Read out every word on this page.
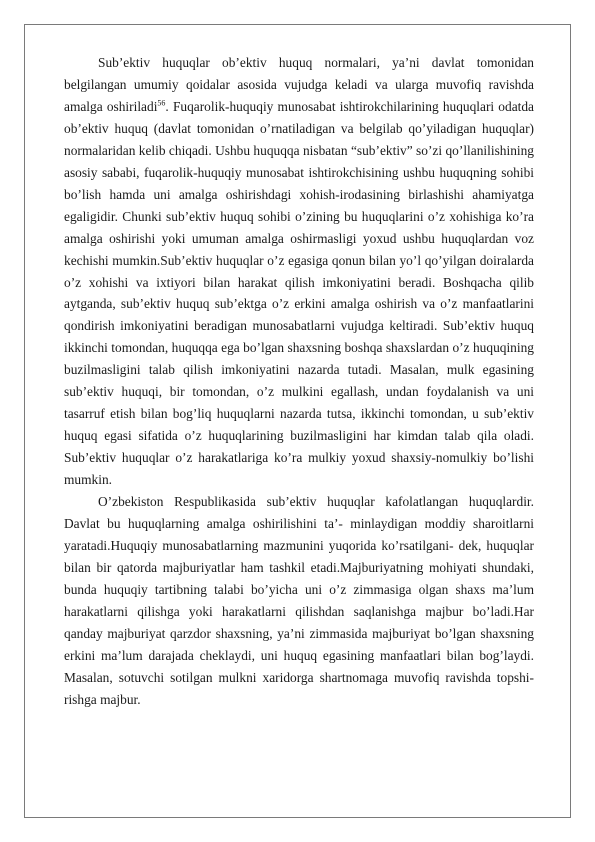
Sub’ektiv huquqlar ob’ektiv huquq normalari, ya’ni davlat tomonidan belgilangan umumiy qoidalar asosida vujudga keladi va ularga muvofiq ravishda amalga oshiriladi$^{56}$. Fuqarolik-huquqiy munosabat ishtirokchilarining huquqlari odatda ob’ektiv huquq (davlat tomonidan o’rnatiladigan va belgilab qo’yiladigan huquqlar) normalaridan kelib chiqadi. Ushbu huquqqa nisbatan “sub’ektiv” so’zi qo’llanilishining asosiy sababi, fuqarolik-huquqiy munosabat ishtirokchisining ushbu huquqning sohibi bo’lish hamda uni amalga oshirishdagi xohish-irodasining birlashishi ahamiyatga egaligidir. Chunki sub’ektiv huquq sohibi o’zining bu huquqlarini o’z xohishiga ko’ra amalga oshirishi yoki umuman amalga oshirmasligi yoxud ushbu huquqlardan voz kechishi mumkin.Sub’ektiv huquqlar o’z egasiga qonun bilan yo’l qo’yilgan doiralarda o’z xohishi va ixtiyori bilan harakat qilish imkoniyatini beradi. Boshqacha qilib aytganda, sub’ektiv huquq sub’ektga o’z erkini amalga oshirish va o’z manfaatlarini qondirish imkoniyatini beradigan munosabatlarni vujudga keltiradi. Sub’ektiv huquq ikkinchi tomondan, huquqqa ega bo’lgan shaxsning boshqa shaxslardan o’z huquqining buzilmasligini talab qilish imkoniyatini nazarda tutadi. Masalan, mulk egasining sub’ektiv huquqi, bir tomondan, o’z mulkini egallash, undan foydalanish va uni tasarruf etish bilan bog’liq huquqlarni nazarda tutsa, ikkinchi tomondan, u sub’ektiv huquq egasi sifatida o’z huquqlarining buzilmasligini har kimdan talab qila oladi. Sub’ektiv huquqlar o’z harakatlariga ko’ra mulkiy yoxud shaxsiy-nomulkiy bo’lishi mumkin.

O’zbekiston Respublikasida sub’ektiv huquqlar kafolatlangan huquqlardir. Davlat bu huquqlarning amalga oshirilishini ta’- minlaydigan moddiy sharoitlarni yaratadi.Huquqiy munosabatlarning mazmunini yuqorida ko’rsatilgani- dek, huquqlar bilan bir qatorda majburiyatlar ham tashkil etadi.Majburiyatning mohiyati shundaki, bunda huquqiy tartibning talabi bo’yicha uni o’z zimmasiga olgan shaxs ma’lum harakatlarni qilishga yoki harakatlarni qilishdan saqlanishga majbur bo’ladi.Har qanday majburiyat qarzdor shaxsning, ya’ni zimmasida majburiyat bo’lgan shaxsning erkini ma’lum darajada cheklaydi, uni huquq egasining manfaatlari bilan bog’laydi. Masalan, sotuvchi sotilgan mulkni xaridorga shartnomaga muvofiq ravishda topshi- rishga majbur.
